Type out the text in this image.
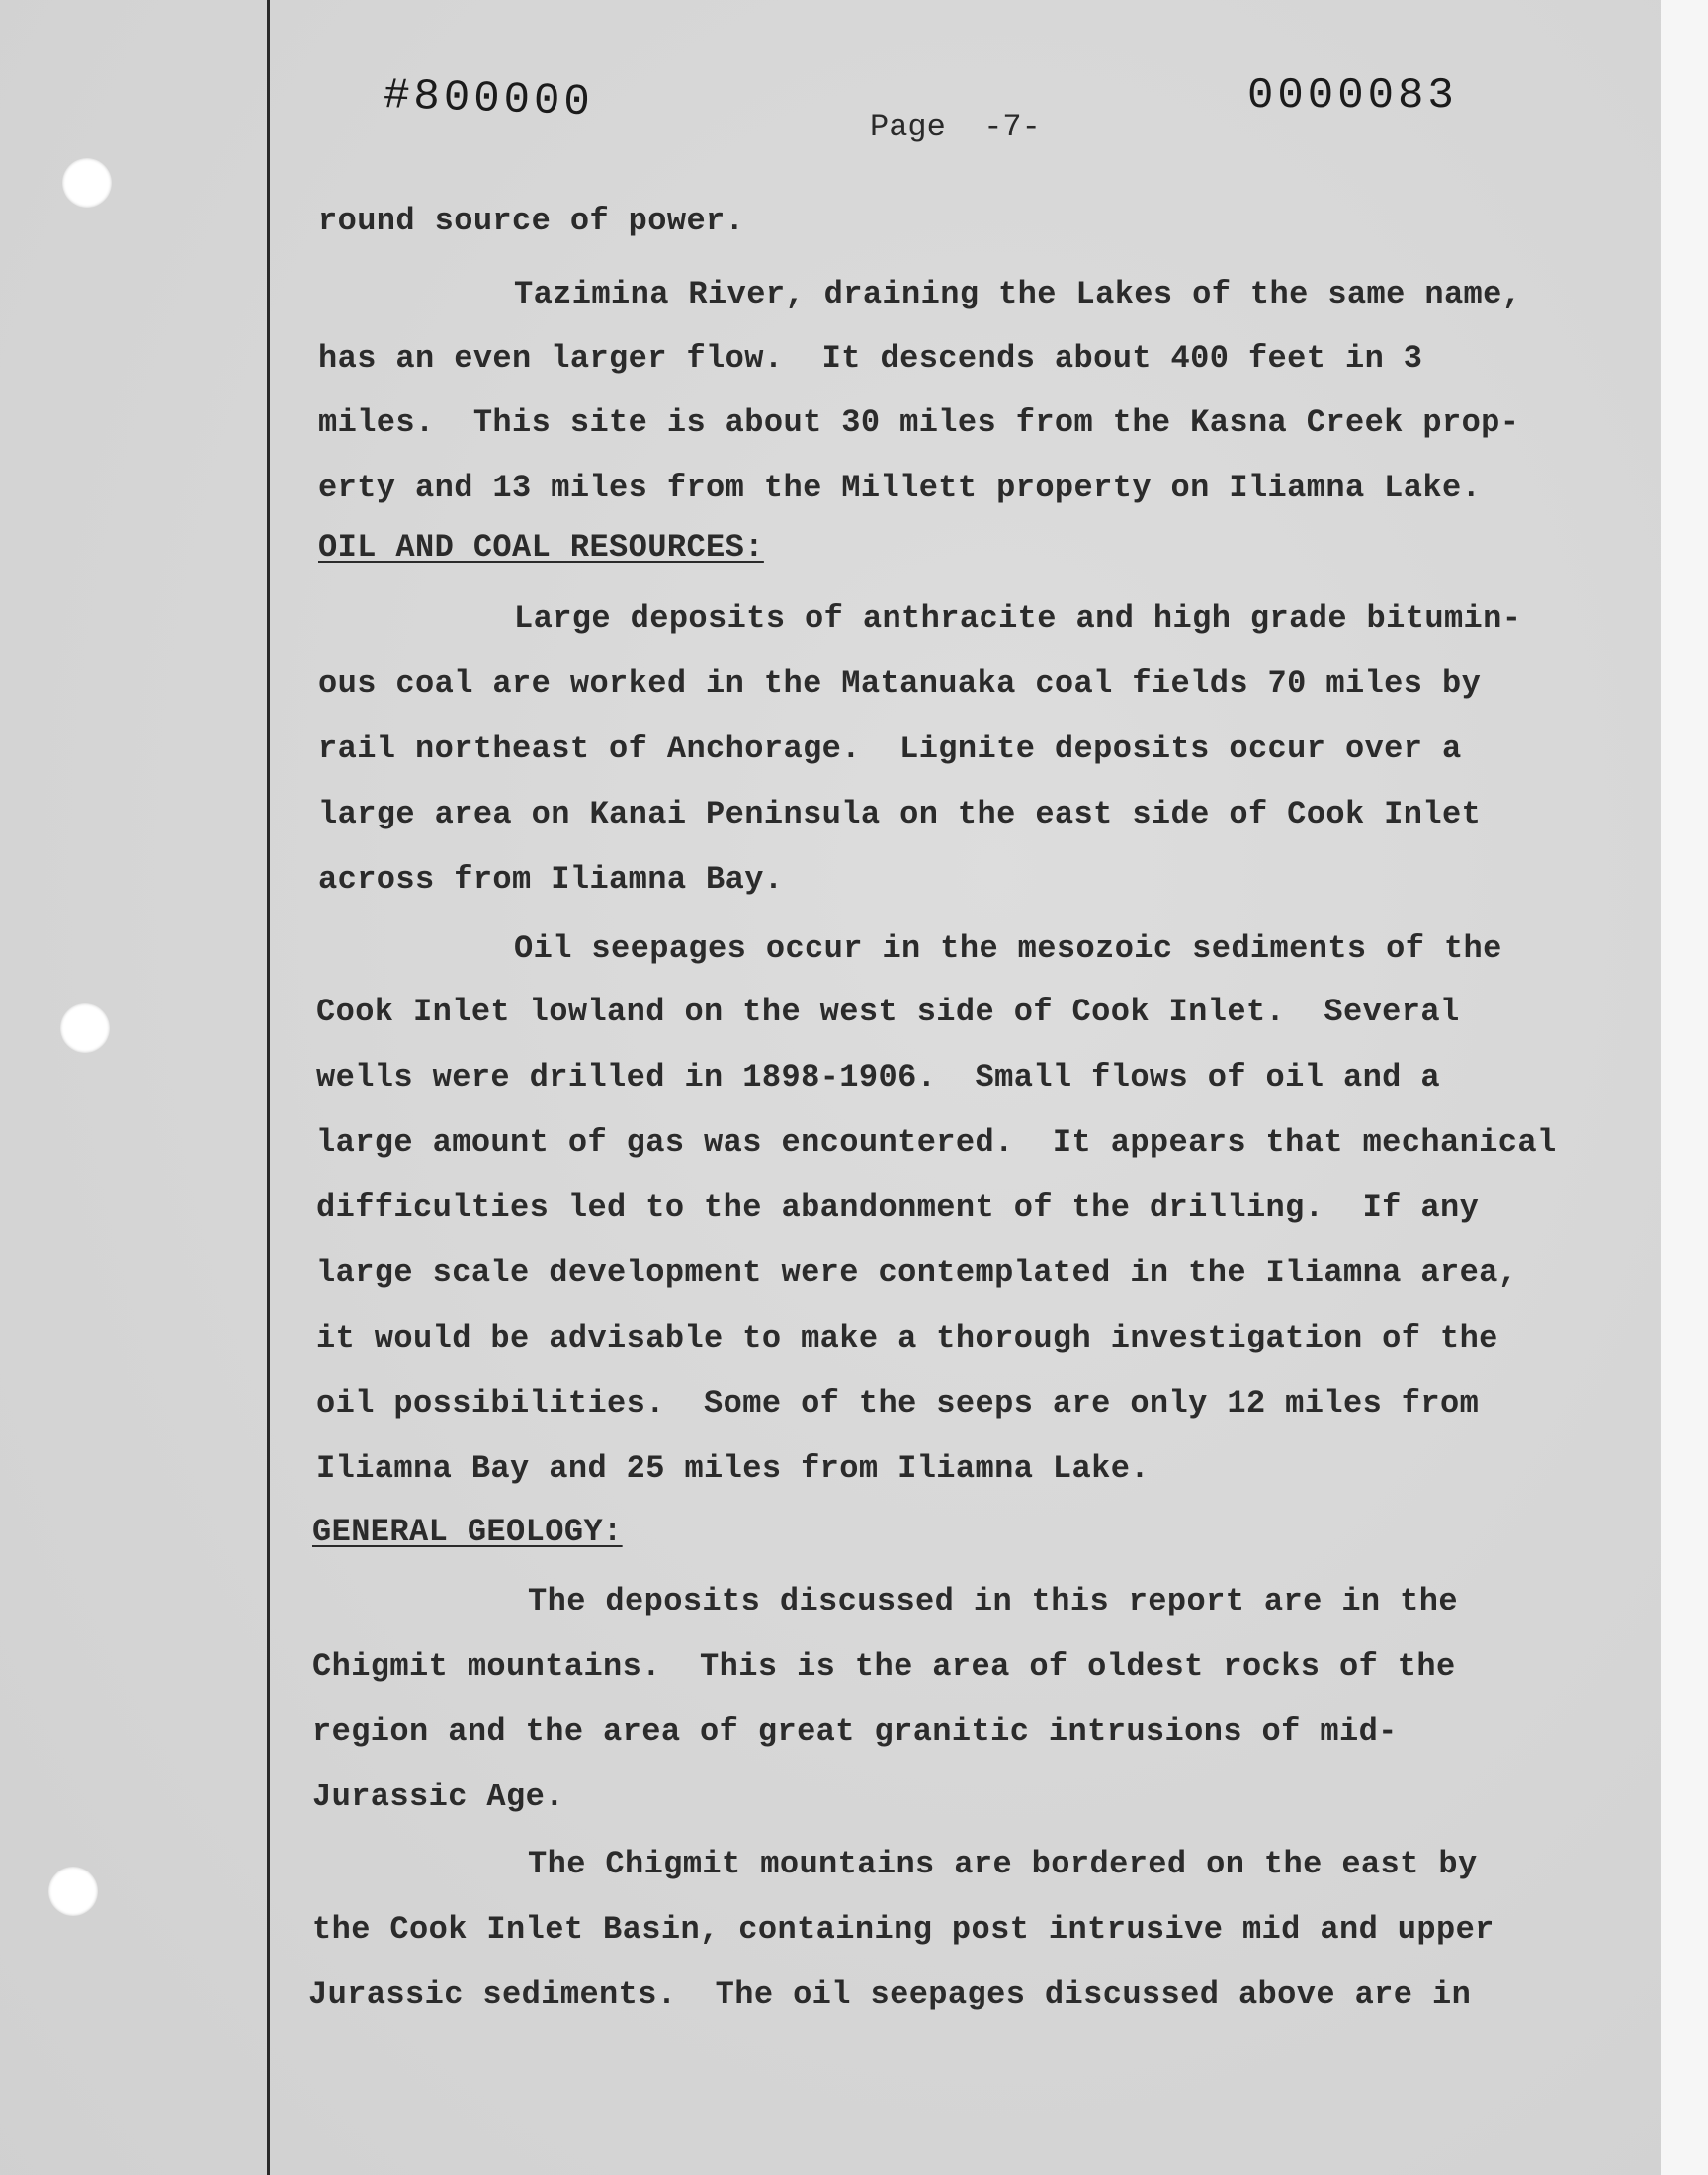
#800000	Page  -7-
0000083
round source of power.
Tazimina River, draining the Lakes of the same name,
has an even larger flow.  It descends about 400 feet in 3
miles.  This site is about 30 miles from the Kasna Creek prop-
erty and 13 miles from the Millett property on Iliamna Lake.
OIL AND COAL RESOURCES:
Large deposits of anthracite and high grade bitumin-
ous coal are worked in the Matanuaka coal fields 70 miles by
rail northeast of Anchorage.  Lignite deposits occur over a
large area on Kanai Peninsula on the east side of Cook Inlet
across from Iliamna Bay.
Oil seepages occur in the mesozoic sediments of the
Cook Inlet lowland on the west side of Cook Inlet.  Several
wells were drilled in 1898-1906.  Small flows of oil and a
large amount of gas was encountered.  It appears that mechanical
difficulties led to the abandonment of the drilling.  If any
large scale development were contemplated in the Iliamna area,
it would be advisable to make a thorough investigation of the
oil possibilities.  Some of the seeps are only 12 miles from
Iliamna Bay and 25 miles from Iliamna Lake.
GENERAL GEOLOGY:
The deposits discussed in this report are in the
Chigmit mountains.  This is the area of oldest rocks of the
region and the area of great granitic intrusions of mid-
Jurassic Age.
The Chigmit mountains are bordered on the east by
the Cook Inlet Basin, containing post intrusive mid and upper
Jurassic sediments.  The oil seepages discussed above are in
